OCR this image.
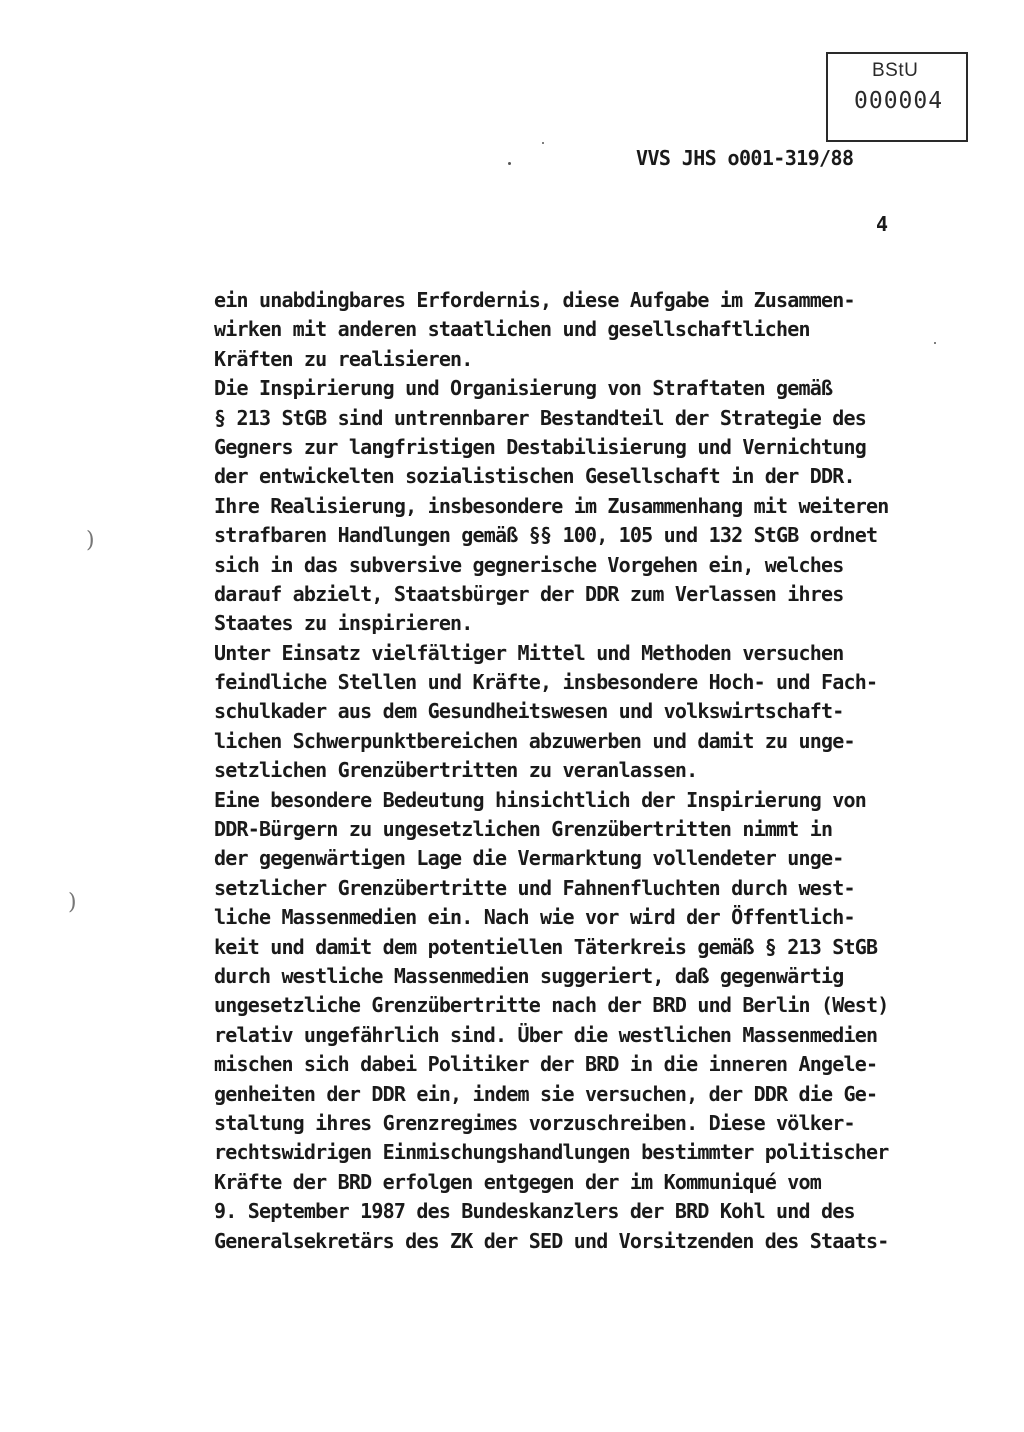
BStU
000004
VVS JHS o001-319/88
4
ein unabdingbares Erfordernis, diese Aufgabe im Zusammen-
wirken mit anderen staatlichen und gesellschaftlichen
Kräften zu realisieren.
Die Inspirierung und Organisierung von Straftaten gemäß
§ 213 StGB sind untrennbarer Bestandteil der Strategie des
Gegners zur langfristigen Destabilisierung und Vernichtung
der entwickelten sozialistischen Gesellschaft in der DDR.
Ihre Realisierung, insbesondere im Zusammenhang mit weiteren
strafbaren Handlungen gemäß §§ 100, 105 und 132 StGB ordnet
sich in das subversive gegnerische Vorgehen ein, welches
darauf abzielt, Staatsbürger der DDR zum Verlassen ihres
Staates zu inspirieren.
Unter Einsatz vielfältiger Mittel und Methoden versuchen
feindliche Stellen und Kräfte, insbesondere Hoch- und Fach-
schulkader aus dem Gesundheitswesen und volkswirtschaft-
lichen Schwerpunktbereichen abzuwerben und damit zu unge-
setzlichen Grenzübertritten zu veranlassen.
Eine besondere Bedeutung hinsichtlich der Inspirierung von
DDR-Bürgern zu ungesetzlichen Grenzübertritten nimmt in
der gegenwärtigen Lage die Vermarktung vollendeter unge-
setzlicher Grenzübertritte und Fahnenfluchten durch west-
liche Massenmedien ein. Nach wie vor wird der Öffentlich-
keit und damit dem potentiellen Täterkreis gemäß § 213 StGB
durch westliche Massenmedien suggeriert, daß gegenwärtig
ungesetzliche Grenzübertritte nach der BRD und Berlin (West)
relativ ungefährlich sind. Über die westlichen Massenmedien
mischen sich dabei Politiker der BRD in die inneren Angele-
genheiten der DDR ein, indem sie versuchen, der DDR die Ge-
staltung ihres Grenzregimes vorzuschreiben. Diese völker-
rechtswidrigen Einmischungshandlungen bestimmter politischer
Kräfte der BRD erfolgen entgegen der im Kommuniqué vom
9. September 1987 des Bundeskanzlers der BRD Kohl und des
Generalsekretärs des ZK der SED und Vorsitzenden des Staats-
)
)
